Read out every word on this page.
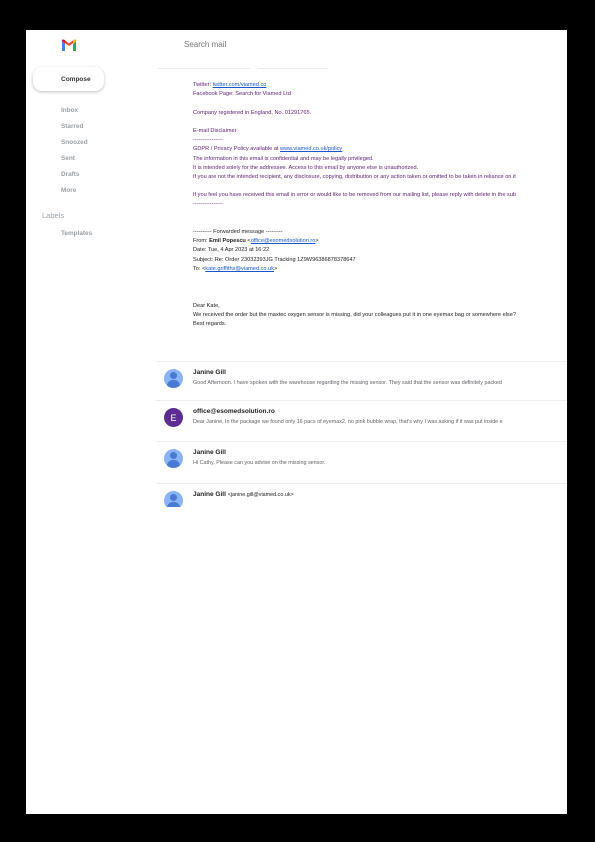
Search mail
Compose
Inbox
Starred
Snoozed
Sent
Drafts
More
Labels
Templates
Twitter: twitter.com/viamed.co
Facebook Page: Search for Viamed Ltd
Company registered in England, No. 01291765.
E-mail Disclaimer
----------------
GDPR / Privacy Policy available at www.viamed.co.uk/policy
The information in this email is confidential and may be legally privileged.
It is intended solely for the addressee. Access to this email by anyone else is unauthorized.
If you are not the intended recipient, any disclosure, copying, distribution or any action taken or omitted to be taken in reliance on it
If you feel you have received this email in error or would like to be removed from our mailing list, please reply with delete in the sub
----------------
---------- Forwarded message ---------
From: Emil Popescu <office@esomedsolution.ro>
Date: Tue, 4 Apr 2023 at 16:22
Subject: Re: Order 23032393JG Tracking 1Z9W96386878378647
To: <kate.griffiths@viamed.co.uk>
Dear Kate,
We received the order but the maxtec oxygen sensor is missing, did your colleagues put it in one eyemax bag or somewhere else?
Best regards.
Janine Gill
Good Afternoon. I have spoken with the warehouse regarding the missing sensor. They said that the sensor was definitely packed
E
office@esomedsolution.ro
Dear Janine, In the package we found only 16 pacs of eyemax2, no pink bubble wrap, that's why I was asking if it was put inside e
Janine Gill
Hi Cathy, Please can you advise on the missing sensor.
Janine Gill <janine.gill@viamed.co.uk>
